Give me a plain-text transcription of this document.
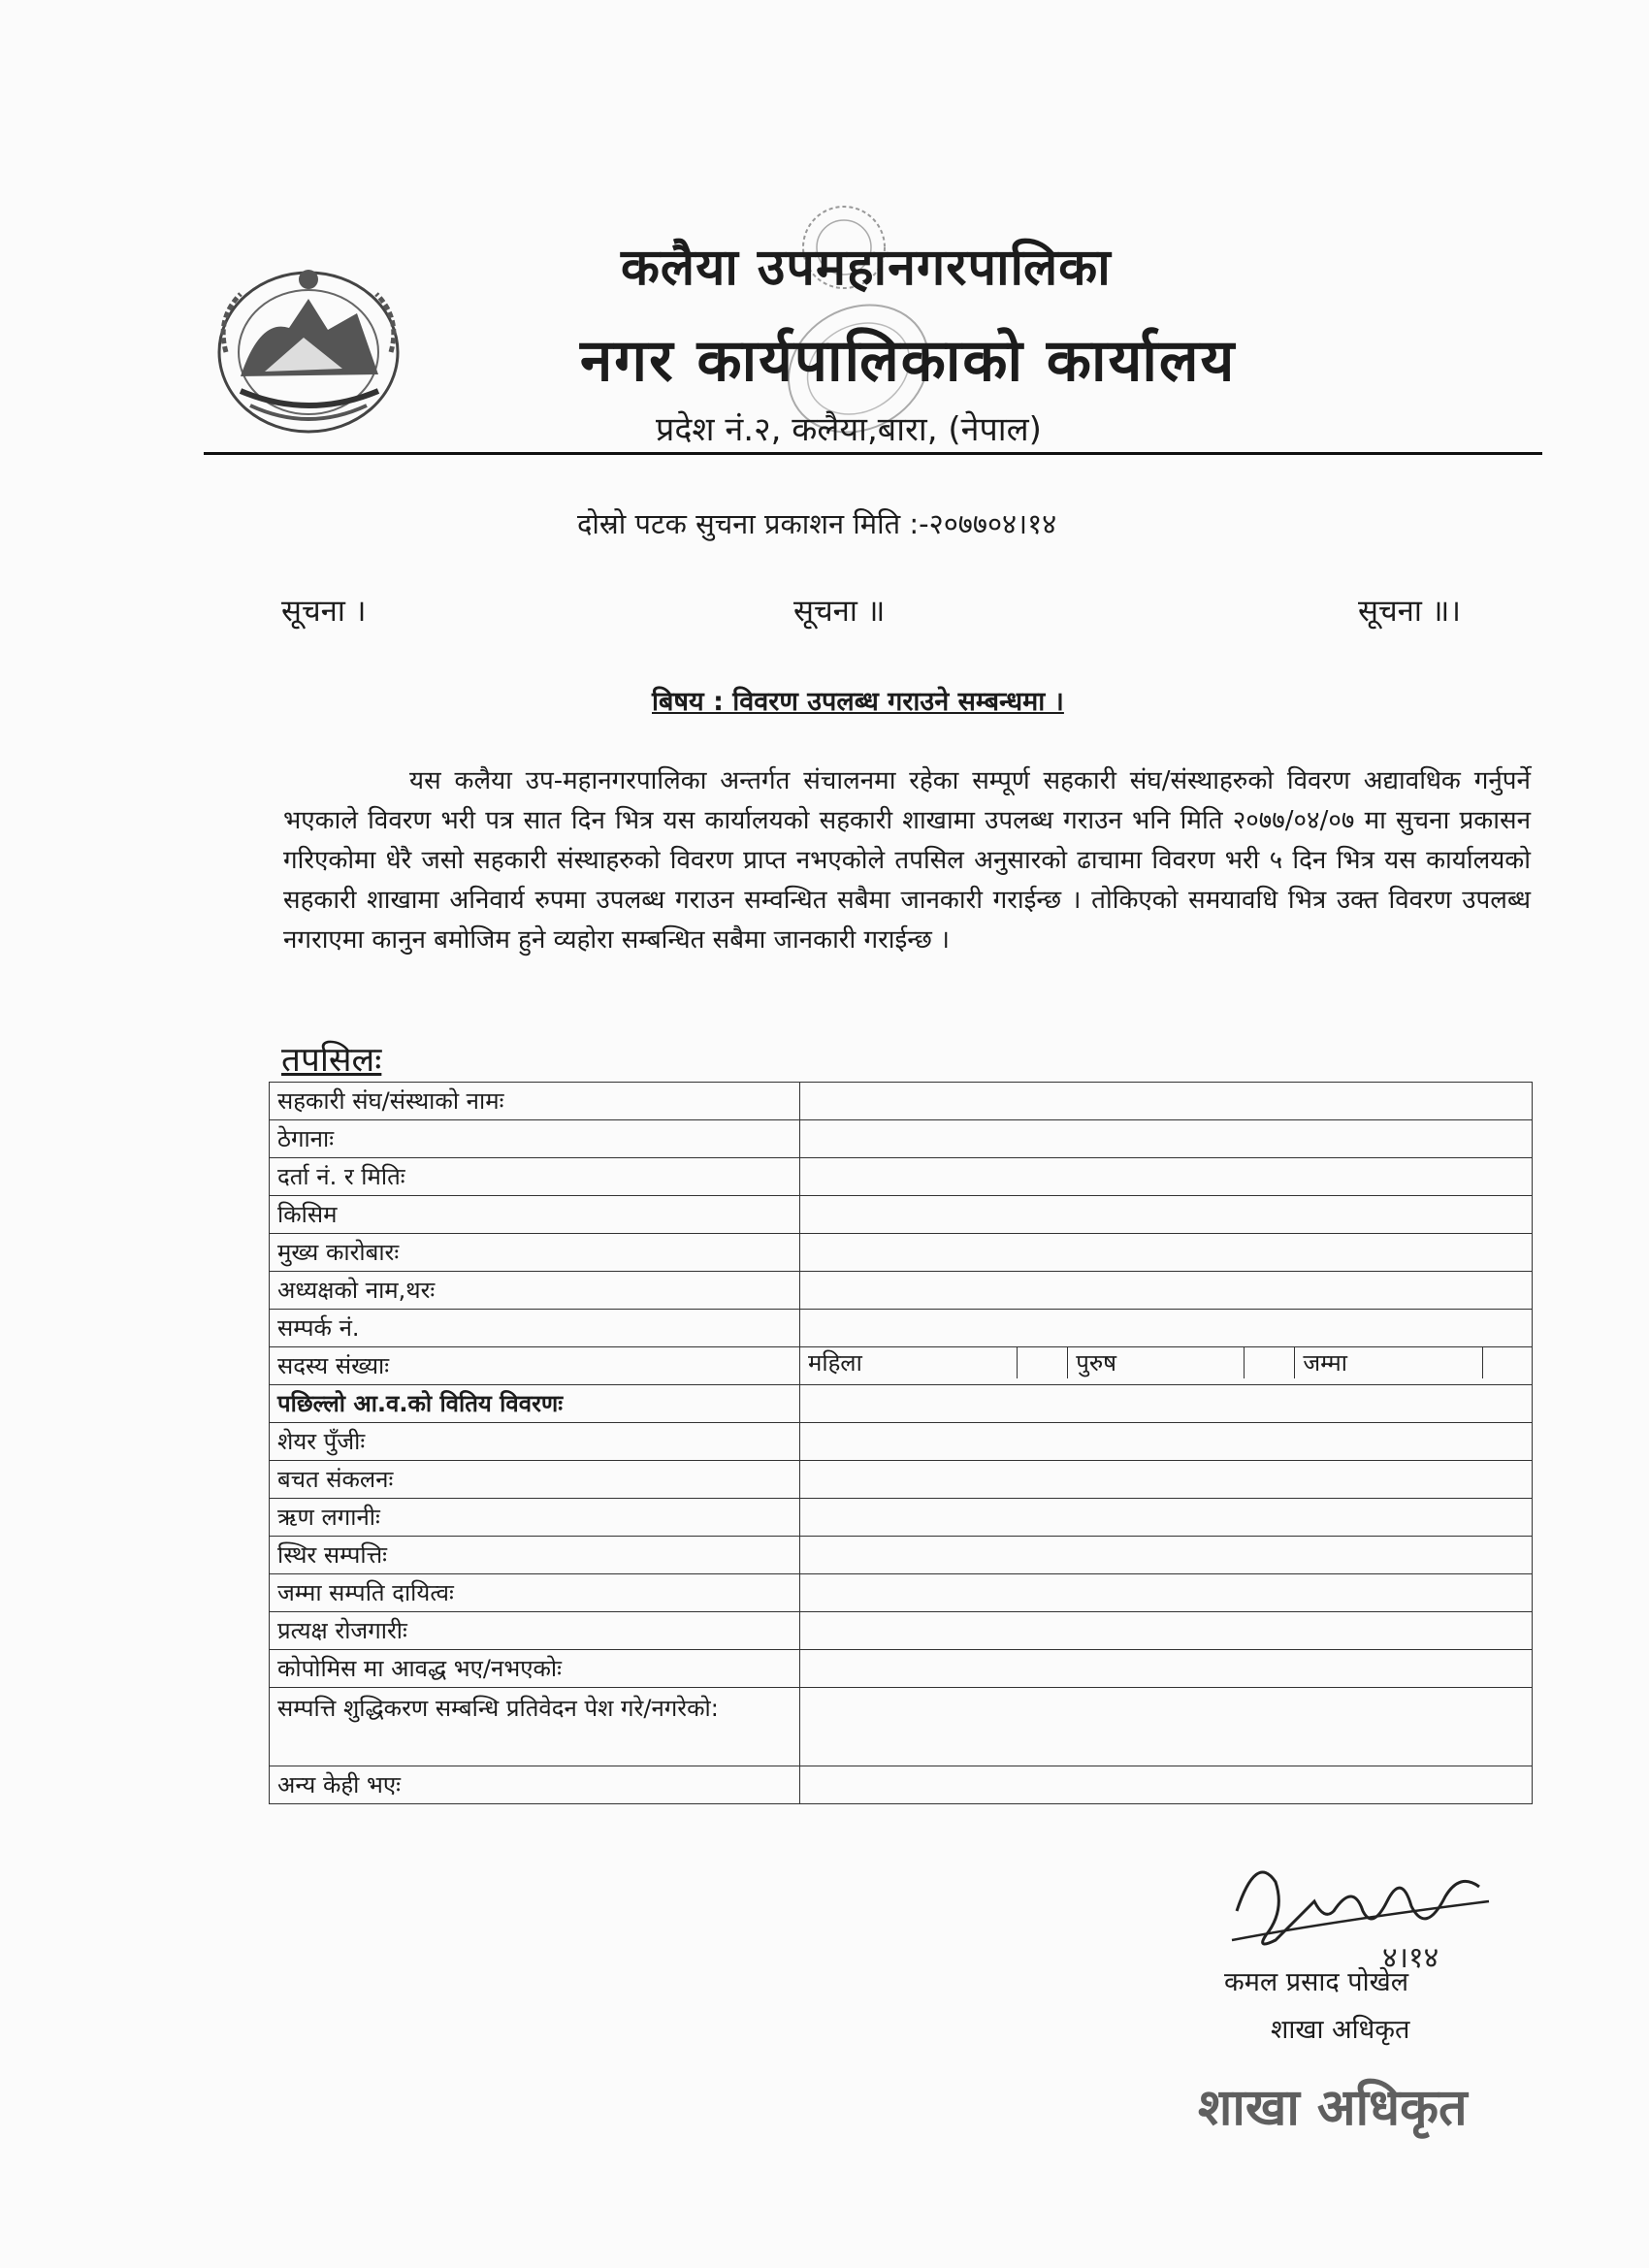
कलैया उपमहानगरपालिका
नगर कार्यपालिकाको कार्यालय
प्रदेश नं.२, कलैया,बारा, (नेपाल)
दोस्रो पटक सुचना प्रकाशन मिति :-२०७७०४।१४
सूचना ।	सूचना ॥	सूचना ॥।
बिषय : विवरण उपलब्ध गराउने सम्बन्धमा ।
यस कलैया उप-महानगरपालिका अन्तर्गत संचालनमा रहेका सम्पूर्ण सहकारी संघ/संस्थाहरुको विवरण अद्यावधिक गर्नुपर्ने भएकाले विवरण भरी पत्र सात दिन भित्र यस कार्यालयको सहकारी शाखामा उपलब्ध गराउन भनि मिति २०७७/०४/०७ मा सुचना प्रकासन गरिएकोमा धेरै जसो सहकारी संस्थाहरुको विवरण प्राप्त नभएकोले तपसिल अनुसारको ढाचामा विवरण भरी ५ दिन भित्र यस कार्यालयको सहकारी शाखामा अनिवार्य रुपमा उपलब्ध गराउन सम्वन्धित सबैमा जानकारी गराईन्छ । तोकिएको समयावधि भित्र उक्त विवरण उपलब्ध नगराएमा कानुन बमोजिम हुने व्यहोरा सम्बन्धित सबैमा जानकारी गराईन्छ ।
तपसिलः
सहकारी संघ/संस्थाको नामः	
ठेगानाः	
दर्ता नं. र मितिः	
किसिम	
मुख्य कारोबारः	
अध्यक्षको नाम,थरः	
सम्पर्क नं.	
सदस्य संख्याः		महिला		पुरुष		जम्मा	

पछिल्लो आ.व.को वितिय विवरणः	
शेयर पुँजीः	
बचत संकलनः	
ऋण लगानीः	
स्थिर सम्पत्तिः	
जम्मा सम्पति दायित्वः	
प्रत्यक्ष रोजगारीः	
कोपोमिस मा आवद्ध भए/नभएकोः	
सम्पत्ति शुद्धिकरण सम्बन्धि प्रतिवेदन पेश गरे/नगरेको:	
अन्य केही भएः	
४।१४
कमल प्रसाद पोखेल
शाखा अधिकृत
शाखा अधिकृत
